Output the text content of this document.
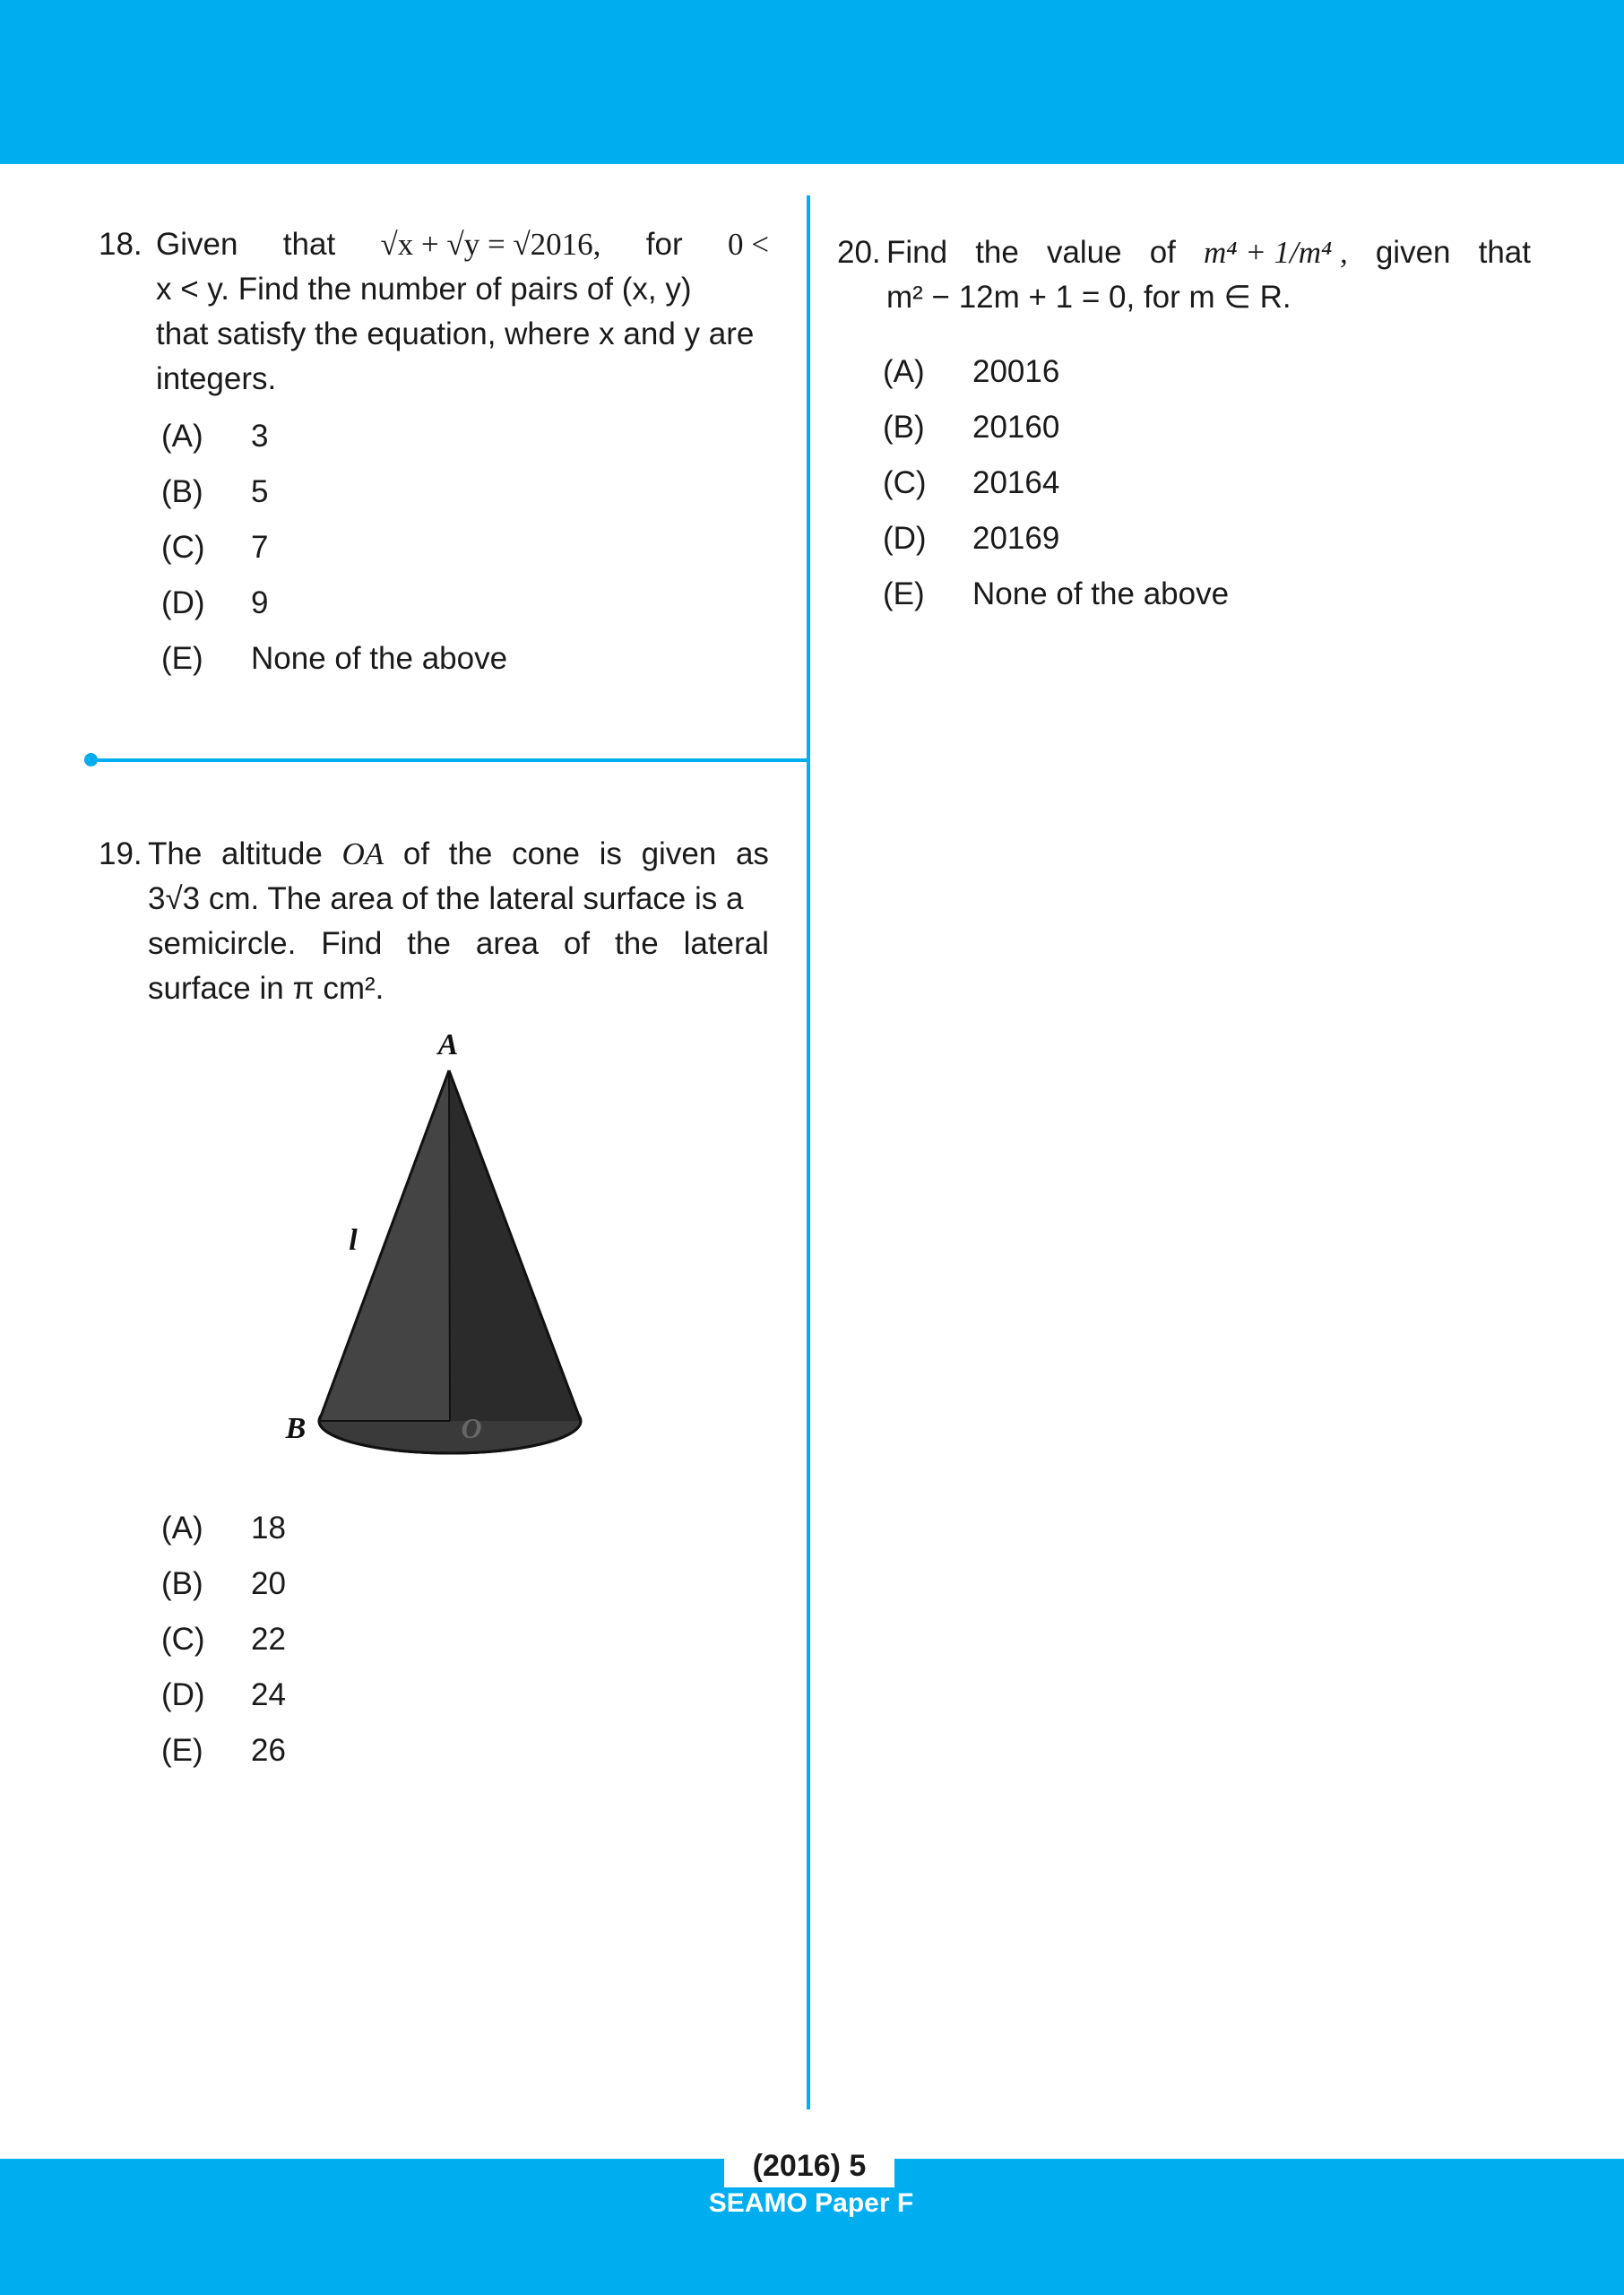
18. Given that √x + √y = √2016, for 0 <
x < y. Find the number of pairs of (x, y)
that satisfy the equation, where x and y are
integers.
(A) 3
(B) 5
(C) 7
(D) 9
(E) None of the above
19. The altitude OA of the cone is given as
3√3 cm. The area of the lateral surface is a
semicircle. Find the area of the lateral
surface in π cm².
A
B	O
l
(A) 18
(B) 20
(C) 22
(D) 24
(E) 26
20. Find the value of m⁴ + 1/m⁴ , given that
m² − 12m + 1 = 0, for m ∈ R.
(A) 20016
(B) 20160
(C) 20164
(D) 20169
(E) None of the above
(2016) 5
SEAMO Paper F
